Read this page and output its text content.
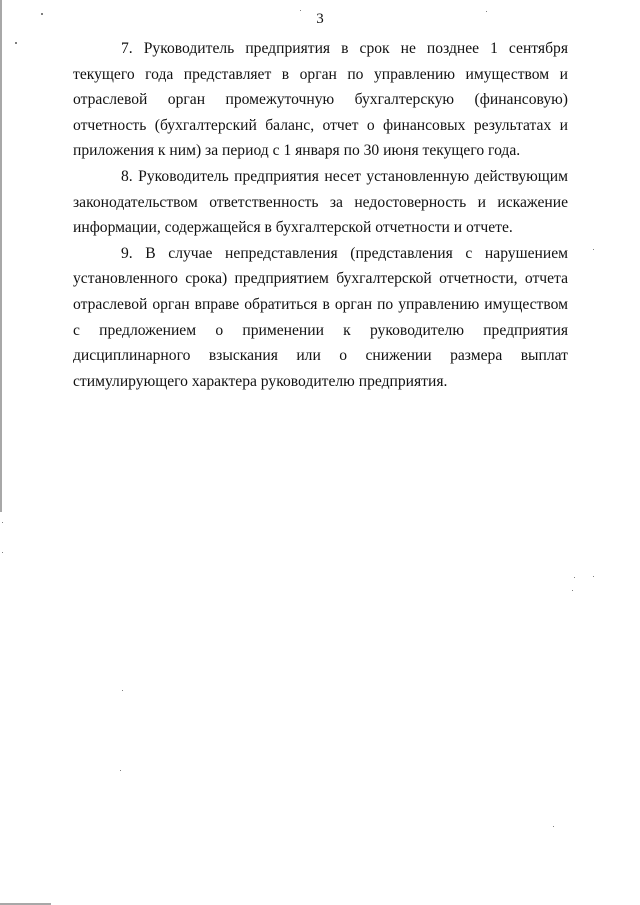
3

7. Руководитель предприятия в срок не позднее 1 сентября текущего года представляет в орган по управлению имуществом и отраслевой орган промежуточную бухгалтерскую (финансовую) отчетность (бухгалтерский баланс, отчет о финансовых результатах и приложения к ним) за период с 1 января по 30 июня текущего года.

8. Руководитель предприятия несет установленную действующим законодательством ответственность за недостоверность и искажение информации, содержащейся в бухгалтерской отчетности и отчете.

9. В случае непредставления (представления с нарушением установленного срока) предприятием бухгалтерской отчетности, отчета отраслевой орган вправе обратиться в орган по управлению имуществом с предложением о применении к руководителю предприятия дисциплинарного взыскания или о снижении размера выплат стимулирующего характера руководителю предприятия.
